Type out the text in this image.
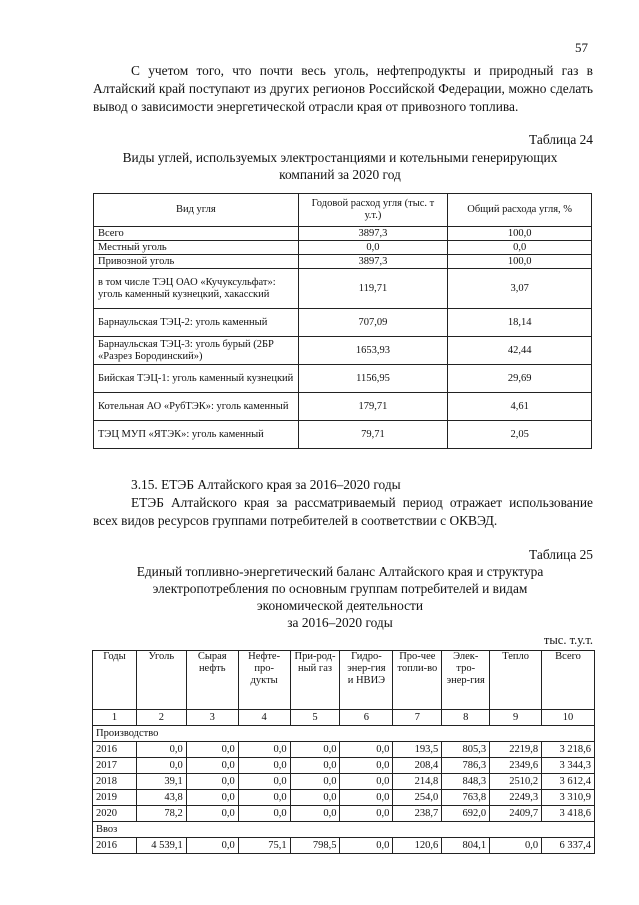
57
С учетом того, что почти весь уголь, нефтепродукты и природный газ в Алтайский край поступают из других регионов Российской Федерации, можно сделать вывод о зависимости энергетической отрасли края от привозного топлива.
Таблица 24
Виды углей, используемых электростанциями и котельными генерирующих
компаний за 2020 год
Вид угля	Годовой расход угля (тыс. т у.т.)	Общий расхода угля, %
Всего	3897,3	100,0
Местный уголь	0,0	0,0
Привозной уголь	3897,3	100,0
в том числе ТЭЦ ОАО «Кучуксульфат»: уголь каменный кузнецкий, хакасский	119,71	3,07
Барнаульская ТЭЦ-2: уголь каменный	707,09	18,14
Барнаульская ТЭЦ-3: уголь бурый (2БР «Разрез Бородинский»)	1653,93	42,44
Бийская ТЭЦ-1: уголь каменный кузнецкий	1156,95	29,69
Котельная АО «РубТЭК»: уголь каменный	179,71	4,61
ТЭЦ МУП «ЯТЭК»: уголь каменный	79,71	2,05
3.15. ЕТЭБ Алтайского края за 2016–2020 годы
ЕТЭБ Алтайского края за рассматриваемый период отражает использование всех видов ресурсов группами потребителей в соответствии с ОКВЭД.
Таблица 25
Единый топливно-энергетический баланс Алтайского края и структура
электропотребления по основным группам потребителей и видам
экономической деятельности
за 2016–2020 годы
тыс. т.у.т.
Годы	Уголь	Сырая нефть	Нефте-про-дукты	При-род-ный газ	Гидро-энер-гия и НВИЭ	Про-чее топли-во	Элек-тро-энер-гия	Тепло	Всего
1	2	3	4	5	6	7	8	9	10
Производство									
2016	0,0	0,0	0,0	0,0	0,0	193,5	805,3	2219,8	3 218,6
2017	0,0	0,0	0,0	0,0	0,0	208,4	786,3	2349,6	3 344,3
2018	39,1	0,0	0,0	0,0	0,0	214,8	848,3	2510,2	3 612,4
2019	43,8	0,0	0,0	0,0	0,0	254,0	763,8	2249,3	3 310,9
2020	78,2	0,0	0,0	0,0	0,0	238,7	692,0	2409,7	3 418,6
Ввоз									
2016	4 539,1	0,0	75,1	798,5	0,0	120,6	804,1	0,0	6 337,4
